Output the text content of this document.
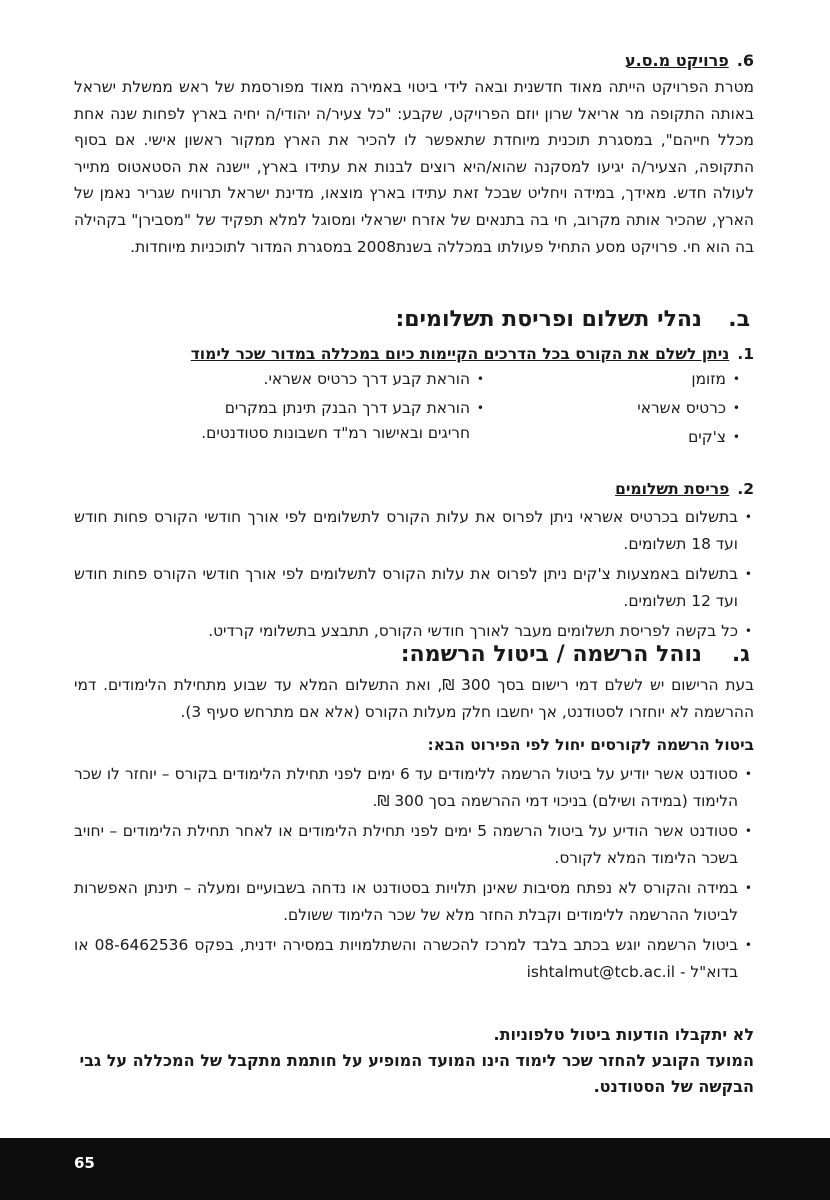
6.פרויקט מ.ס.ע

מטרת הפרויקט הייתה מאוד חדשנית ובאה לידי ביטוי באמירה מאוד מפורסמת של ראש ממשלת ישראל באותה התקופה מר אריאל שרון יוזם הפרויקט, שקבע: "כל צעיר/ה יהודי/ה יחיה בארץ לפחות שנה אחת מכלל חייהם", במסגרת תוכנית מיוחדת שתאפשר לו להכיר את הארץ ממקור ראשון אישי. אם בסוף התקופה, הצעיר/ה יגיעו למסקנה שהוא/היא רוצים לבנות את עתידו בארץ, יישנה את הסטאטוס מתייר לעולה חדש. מאידך, במידה ויחליט שבכל זאת עתידו בארץ מוצאו, מדינת ישראל תרוויח שגריר נאמן של הארץ, שהכיר אותה מקרוב, חי בה בתנאים של אזרח ישראלי ומסוגל למלא תפקיד של "מסבירן" בקהילה בה הוא חי. פרויקט מסע התחיל פעולתו במכללה בשנת2008 במסגרת המדור לתוכניות מיוחדות.

ב.נהלי תשלום ופריסת תשלומים:

1.ניתן לשלם את הקורס בכל הדרכים הקיימות כיום במכללה במדור שכר לימוד

• מזומן
• כרטיס אשראי
• צ'קים
• הוראת קבע דרך כרטיס אשראי.
• הוראת קבע דרך הבנק תינתן במקרים חריגים ובאישור רמ"ד חשבונות סטודנטים.

2.פריסת תשלומים

• בתשלום בכרטיס אשראי ניתן לפרוס את עלות הקורס לתשלומים לפי אורך חודשי הקורס פחות חודש ועד 18 תשלומים.
• בתשלום באמצעות צ'קים ניתן לפרוס את עלות הקורס לתשלומים לפי אורך חודשי הקורס פחות חודש ועד 12 תשלומים.
• כל בקשה לפריסת תשלומים מעבר לאורך חודשי הקורס, תתבצע בתשלומי קרדיט.
ג.נוהל הרשמה / ביטול הרשמה:

בעת הרישום יש לשלם דמי רישום בסך 300 ₪, ואת התשלום המלא עד שבוע מתחילת הלימודים. דמי ההרשמה לא יוחזרו לסטודנט, אך יחשבו חלק מעלות הקורס (אלא אם מתרחש סעיף 3).

ביטול הרשמה לקורסים יחול לפי הפירוט הבא:

• סטודנט אשר יודיע על ביטול הרשמה ללימודים עד 6 ימים לפני תחילת הלימודים בקורס – יוחזר לו שכר הלימוד (במידה ושילם) בניכוי דמי ההרשמה בסך 300 ₪.
• סטודנט אשר הודיע על ביטול הרשמה 5 ימים לפני תחילת הלימודים או לאחר תחילת הלימודים – יחויב בשכר הלימוד המלא לקורס.
• במידה והקורס לא נפתח מסיבות שאינן תלויות בסטודנט או נדחה בשבועיים ומעלה – תינתן האפשרות לביטול ההרשמה ללימודים וקבלת החזר מלא של שכר הלימוד ששולם.
• ביטול הרשמה יוגש בכתב בלבד למרכז להכשרה והשתלמויות במסירה ידנית, בפקס 08-6462536 או בדוא"ל - ishtalmut@tcb.ac.il

לא יתקבלו הודעות ביטול טלפוניות.

המועד הקובע להחזר שכר לימוד הינו המועד המופיע על חותמת מתקבל של המכללה על גבי הבקשה של הסטודנט.

65
